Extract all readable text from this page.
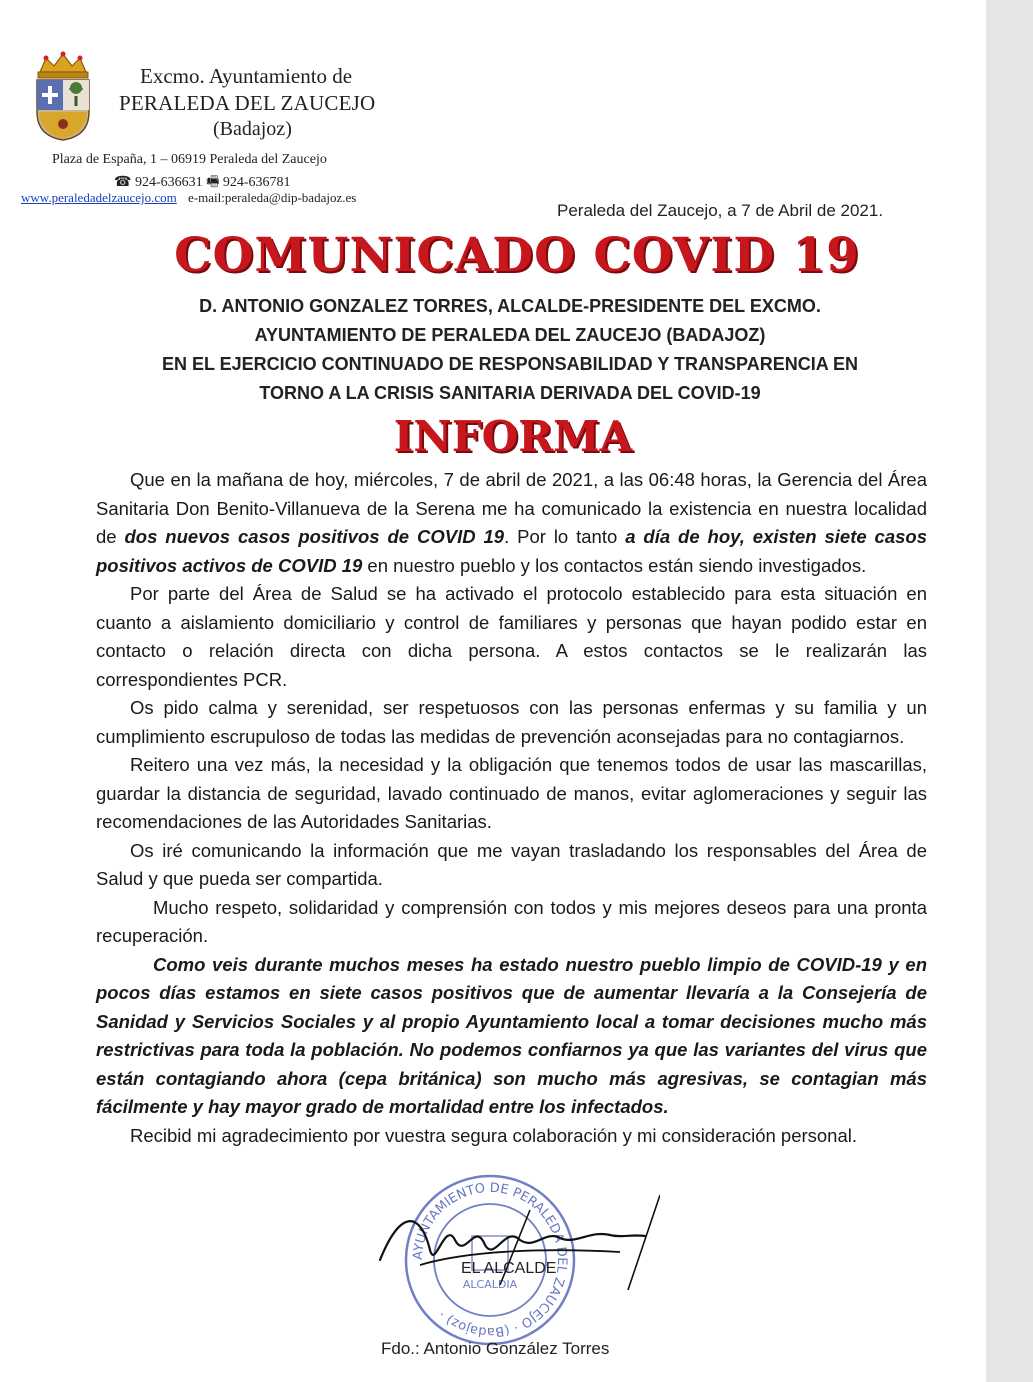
Excmo. Ayuntamiento de
PERALEDA DEL ZAUCEJO
(Badajoz)
Plaza de España, 1 – 06919 Peraleda del Zaucejo
☎ 924-636631 🖷 924-636781
www.peraledadelzaucejo.com e-mail:peraleda@dip-badajoz.es
Peraleda del Zaucejo, a 7 de Abril de 2021.
COMUNICADO COVID 19
D. ANTONIO GONZALEZ TORRES, ALCALDE-PRESIDENTE DEL EXCMO.
AYUNTAMIENTO DE PERALEDA DEL ZAUCEJO (BADAJOZ)
EN EL EJERCICIO CONTINUADO DE RESPONSABILIDAD Y TRANSPARENCIA EN
TORNO A LA CRISIS SANITARIA DERIVADA DEL COVID-19
INFORMA

Que en la mañana de hoy, miércoles, 7 de abril de 2021, a las 06:48 horas, la Gerencia del Área Sanitaria Don Benito-Villanueva de la Serena me ha comunicado la existencia en nuestra localidad de dos nuevos casos positivos de COVID 19. Por lo tanto a día de hoy, existen siete casos positivos activos de COVID 19 en nuestro pueblo y los contactos están siendo investigados.

Por parte del Área de Salud se ha activado el protocolo establecido para esta situación en cuanto a aislamiento domiciliario y control de familiares y personas que hayan podido estar en contacto o relación directa con dicha persona. A estos contactos se le realizarán las correspondientes PCR.

Os pido calma y serenidad, ser respetuosos con las personas enfermas y su familia y un cumplimiento escrupuloso de todas las medidas de prevención aconsejadas para no contagiarnos.

Reitero una vez más, la necesidad y la obligación que tenemos todos de usar las mascarillas, guardar la distancia de seguridad, lavado continuado de manos, evitar aglomeraciones y seguir las recomendaciones de las Autoridades Sanitarias.

Os iré comunicando la información que me vayan trasladando los responsables del Área de Salud y que pueda ser compartida.

Mucho respeto, solidaridad y comprensión con todos y mis mejores deseos para una pronta recuperación.

Como veis durante muchos meses ha estado nuestro pueblo limpio de COVID-19 y en pocos días estamos en siete casos positivos que de aumentar llevaría a la Consejería de Sanidad y Servicios Sociales y al propio Ayuntamiento local a tomar decisiones mucho más restrictivas para toda la población. No podemos confiarnos ya que las variantes del virus que están contagiando ahora (cepa británica) son mucho más agresivas, se contagian más fácilmente y hay mayor grado de mortalidad entre los infectados.

Recibid mi agradecimiento por vuestra segura colaboración y mi consideración personal.

AYUNTAMIENTO DE PERALEDA DEL ZAUCEJO · (Badajoz) ·
ALCALDIA
EL ALCALDE
Fdo.: Antonio González Torres
